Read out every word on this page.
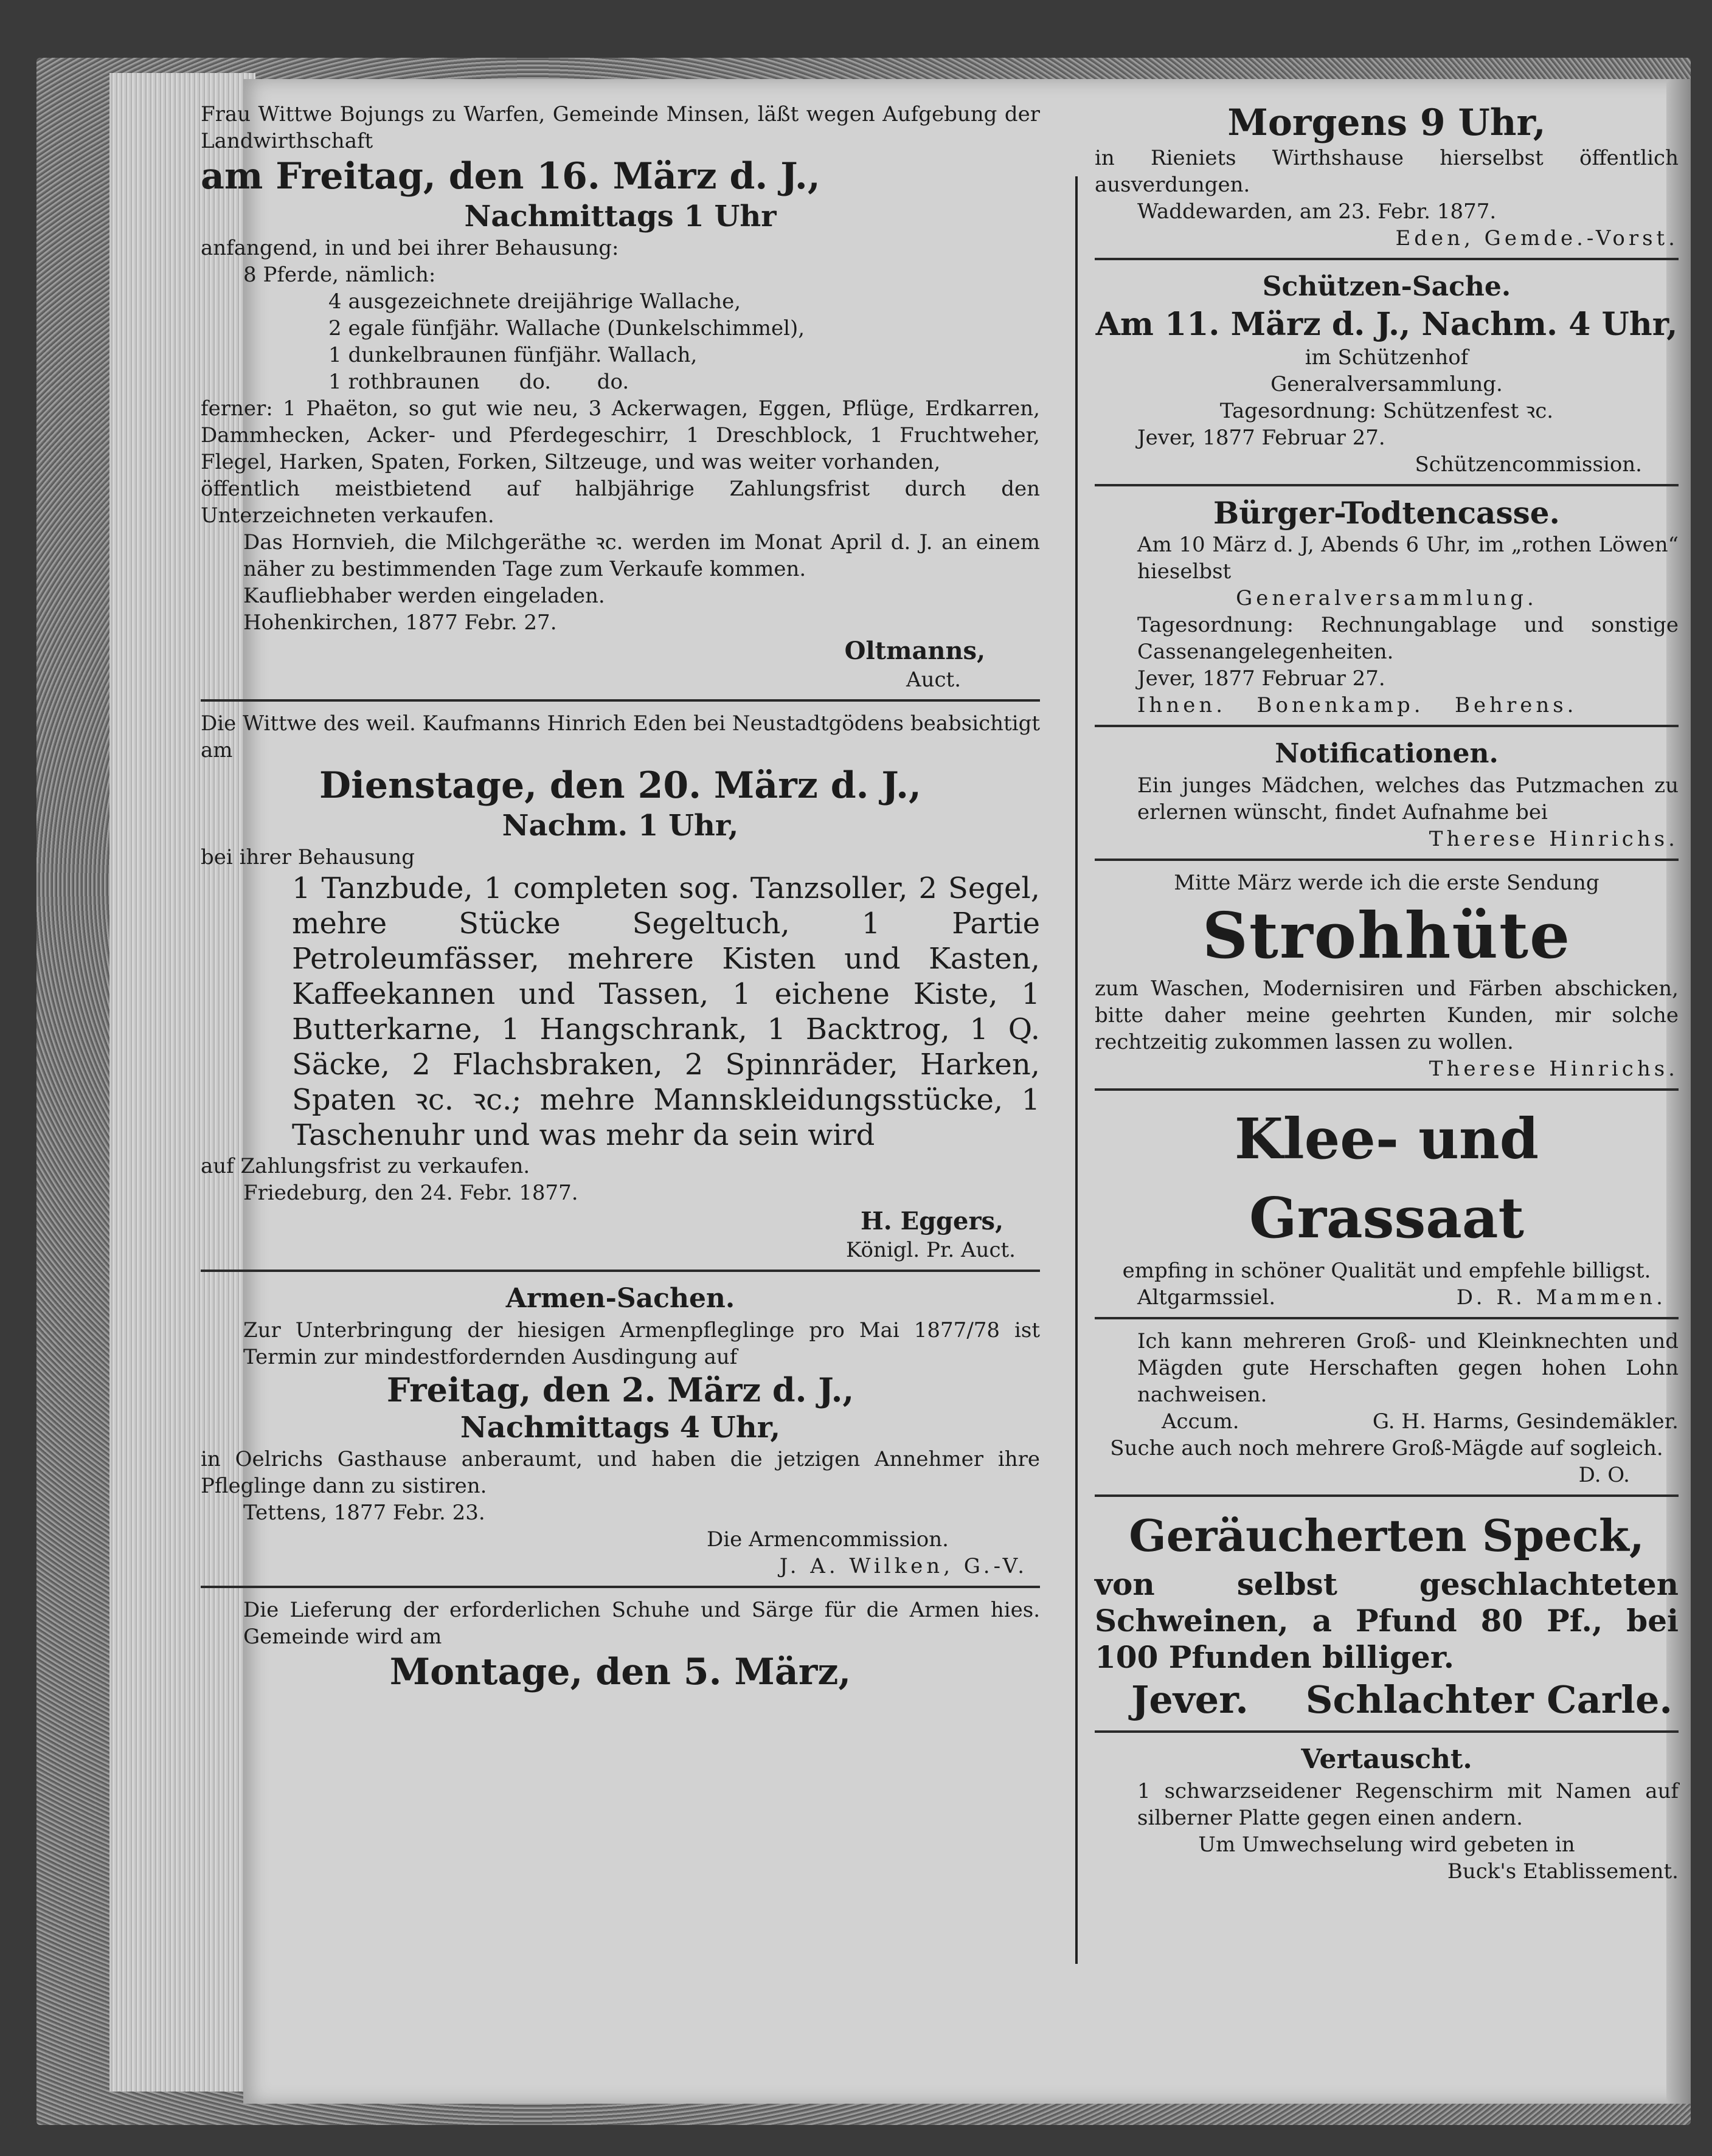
Frau Wittwe Bojungs zu Warfen, Gemeinde Minsen, läßt wegen Aufgebung der Landwirthschaft

am Freitag, den 16. März d. J.,

Nachmittags 1 Uhr

anfangend, in und bei ihrer Behausung:

8 Pferde, nämlich:

4 ausgezeichnete dreijährige Wallache,

2 egale fünfjähr. Wallache (Dunkelschimmel),

1 dunkelbraunen fünfjähr. Wallach,

1 rothbraunen      do.       do.

ferner: 1 Phaëton, so gut wie neu, 3 Ackerwagen, Eggen, Pflüge, Erdkarren, Dammhecken, Acker- und Pferdegeschirr, 1 Dreschblock, 1 Fruchtweher, Flegel, Harken, Spaten, Forken, Siltzeuge, und was weiter vorhanden,

öffentlich meistbietend auf halbjährige Zahlungsfrist durch den Unterzeichneten verkaufen.

Das Hornvieh, die Milchgeräthe ꝛc. werden im Monat April d. J. an einem näher zu bestimmenden Tage zum Verkaufe kommen.

Kaufliebhaber werden eingeladen.

Hohenkirchen, 1877 Febr. 27.

Oltmanns,

Auct.

Die Wittwe des weil. Kaufmanns Hinrich Eden bei Neustadtgödens beabsichtigt am

Dienstage, den 20. März d. J.,

Nachm. 1 Uhr,

bei ihrer Behausung

1 Tanzbude, 1 completen sog. Tanzsoller, 2 Segel, mehre Stücke Segeltuch, 1 Partie Petroleumfässer, mehrere Kisten und Kasten, Kaffeekannen und Tassen, 1 eichene Kiste, 1 Butterkarne, 1 Hangschrank, 1 Backtrog, 1 Q. Säcke, 2 Flachsbraken, 2 Spinnräder, Harken, Spaten ꝛc. ꝛc.; mehre Mannskleidungsstücke, 1 Taschenuhr und was mehr da sein wird

auf Zahlungsfrist zu verkaufen.

Friedeburg, den 24. Febr. 1877.

H. Eggers,

Königl. Pr. Auct.

Armen-Sachen.

Zur Unterbringung der hiesigen Armenpfleglinge pro Mai 1877/78 ist Termin zur mindestfordernden Ausdingung auf

Freitag, den 2. März d. J.,

Nachmittags 4 Uhr,

in Oelrichs Gasthause anberaumt, und haben die jetzigen Annehmer ihre Pfleglinge dann zu sistiren.

Tettens, 1877 Febr. 23.

Die Armencommission.

J. A. Wilken, G.-V.

Die Lieferung der erforderlichen Schuhe und Särge für die Armen hies. Gemeinde wird am

Montage, den 5. März,

Morgens 9 Uhr,

in Rieniets Wirthshause hierselbst öffentlich ausverdungen.

Waddewarden, am 23. Febr. 1877.

Eden, Gemde.-Vorst.

Schützen-Sache.

Am 11. März d. J., Nachm. 4 Uhr,

im Schützenhof

Generalversammlung.

Tagesordnung: Schützenfest ꝛc.

Jever, 1877 Februar 27.

Schützencommission.

Bürger-Todtencasse.

Am 10 März d. J, Abends 6 Uhr, im „rothen Löwen“ hieselbst

Generalversammlung.

Tagesordnung: Rechnungablage und sonstige Cassenangelegenheiten.

Jever, 1877 Februar 27.

Ihnen.   Bonenkamp.   Behrens.

Notificationen.

Ein junges Mädchen, welches das Putzmachen zu erlernen wünscht, findet Aufnahme bei

Therese Hinrichs.

Mitte März werde ich die erste Sendung

Strohhüte

zum Waschen, Modernisiren und Färben abschicken, bitte daher meine geehrten Kunden, mir solche rechtzeitig zukommen lassen zu wollen.

Therese Hinrichs.

Klee- und Grassaat

empfing in schöner Qualität und empfehle billigst.

Altgarmssiel.	D. R. Mammen.

Ich kann mehreren Groß- und Kleinknechten und Mägden gute Herschaften gegen hohen Lohn nachweisen.

Accum.	G. H. Harms, Gesindemäkler.

Suche auch noch mehrere Groß-Mägde auf sogleich.

D. O.

Geräucherten Speck,

von selbst geschlachteten Schweinen, a Pfund 80 Pf., bei 100 Pfunden billiger.

Jever. Schlachter Carle.

Vertauscht.

1 schwarzseidener Regenschirm mit Namen auf silberner Platte gegen einen andern.

Um Umwechselung wird gebeten in

Buck's Etablissement.
